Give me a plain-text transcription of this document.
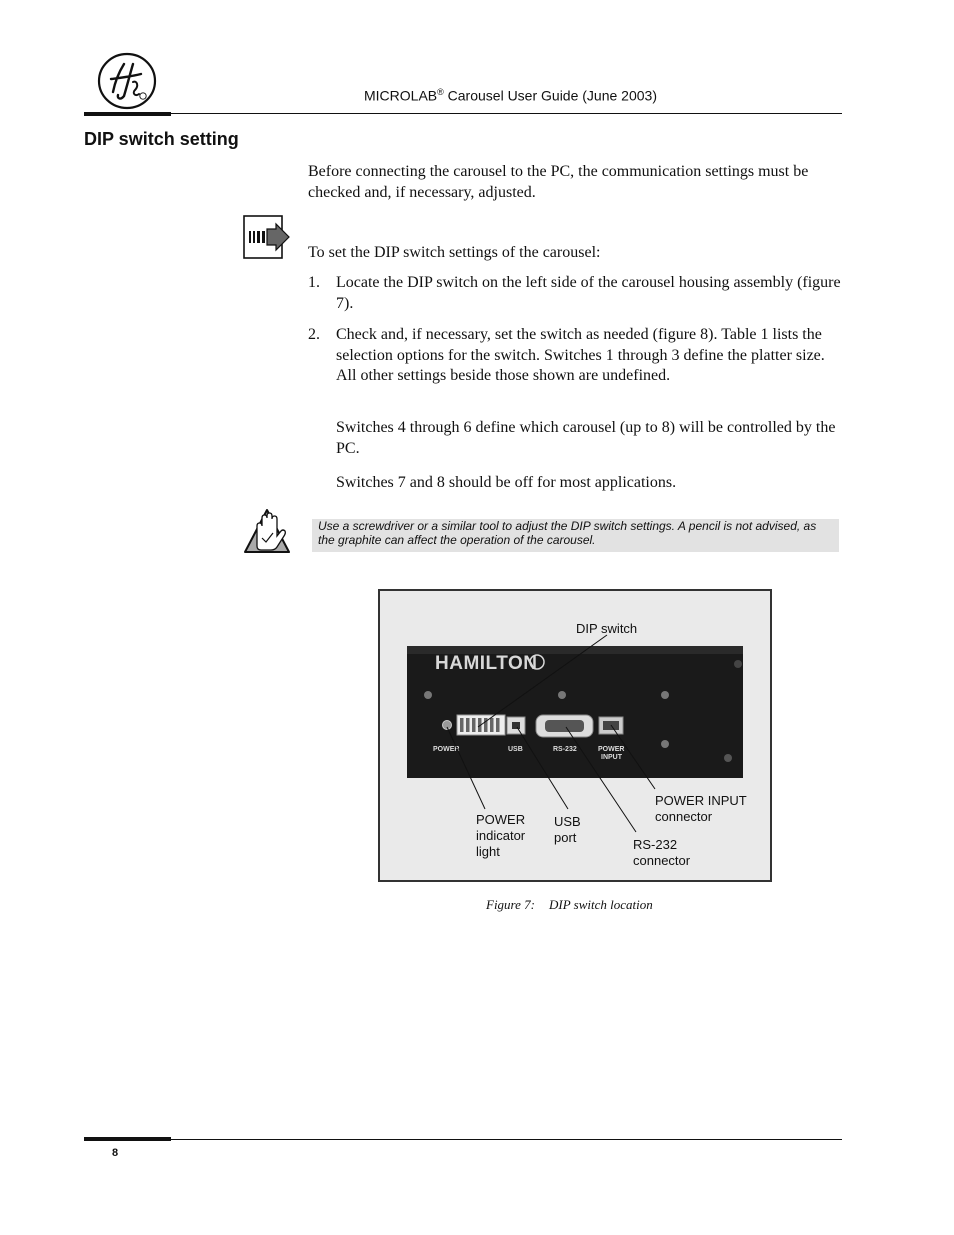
MICROLAB® Carousel User Guide (June 2003)
DIP switch setting
Before connecting the carousel to the PC, the communication settings must be checked and, if necessary, adjusted.
To set the DIP switch settings of the carousel:
1. Locate the DIP switch on the left side of the carousel housing assembly (figure 7).
2. Check and, if necessary, set the switch as needed (figure 8). Table 1 lists the selection options for the switch. Switches 1 through 3 define the platter size. All other settings beside those shown are undefined.
Switches 4 through 6 define which carousel (up to 8) will be controlled by the PC.
Switches 7 and 8 should be off for most applications.
Use a screwdriver or a similar tool to adjust the DIP switch settings. A pencil is not advised, as the graphite can affect the operation of the carousel.
HAMILTON
POWER	USB	RS-232	POWER
INPUT
DIP switch
POWER
indicator
light
USB
port	RS-232
connector
POWER INPUT
connector
Figure 7: DIP switch location
8
